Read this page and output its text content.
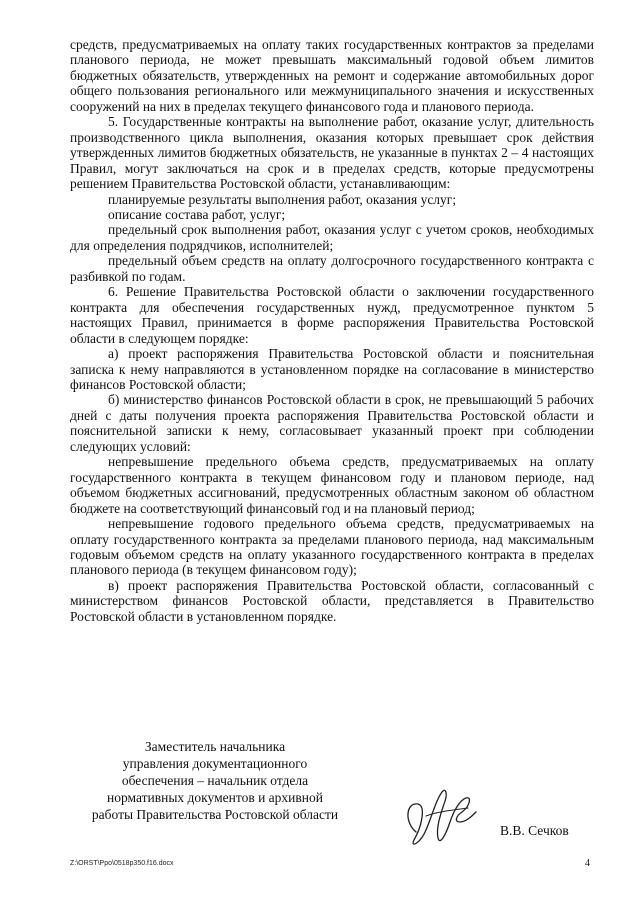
средств, предусматриваемых на оплату таких государственных контрактов за пределами планового периода, не может превышать максимальный годовой объем лимитов бюджетных обязательств, утвержденных на ремонт и содержание автомобильных дорог общего пользования регионального или межмуниципального значения и искусственных сооружений на них в пределах текущего финансового года и планового периода.

5. Государственные контракты на выполнение работ, оказание услуг, длительность производственного цикла выполнения, оказания которых превышает срок действия утвержденных лимитов бюджетных обязательств, не указанные в пунктах 2 – 4 настоящих Правил, могут заключаться на срок и в пределах средств, которые предусмотрены решением Правительства Ростовской области, устанавливающим:

планируемые результаты выполнения работ, оказания услуг;

описание состава работ, услуг;

предельный срок выполнения работ, оказания услуг с учетом сроков, необходимых для определения подрядчиков, исполнителей;

предельный объем средств на оплату долгосрочного государственного контракта с разбивкой по годам.

6. Решение Правительства Ростовской области о заключении государственного контракта для обеспечения государственных нужд, предусмотренное пунктом 5 настоящих Правил, принимается в форме распоряжения Правительства Ростовской области в следующем порядке:

а) проект распоряжения Правительства Ростовской области и пояснительная записка к нему направляются в установленном порядке на согласование в министерство финансов Ростовской области;

б) министерство финансов Ростовской области в срок, не превышающий 5 рабочих дней с даты получения проекта распоряжения Правительства Ростовской области и пояснительной записки к нему, согласовывает указанный проект при соблюдении следующих условий:

непревышение предельного объема средств, предусматриваемых на оплату государственного контракта в текущем финансовом году и плановом периоде, над объемом бюджетных ассигнований, предусмотренных областным законом об областном бюджете на соответствующий финансовый год и на плановый период;

непревышение годового предельного объема средств, предусматриваемых на оплату государственного контракта за пределами планового периода, над максимальным годовым объемом средств на оплату указанного государственного контракта в пределах планового периода (в текущем финансовом году);

в) проект распоряжения Правительства Ростовской области, согласованный с министерством финансов Ростовской области, представляется в Правительство Ростовской области в установленном порядке.

Заместитель начальника
управления документационного
обеспечения – начальник отдела
нормативных документов и архивной
работы Правительства Ростовской области
В.В. Сечков
Z:\ORST\Ppo\0518p350.f16.docx	4
